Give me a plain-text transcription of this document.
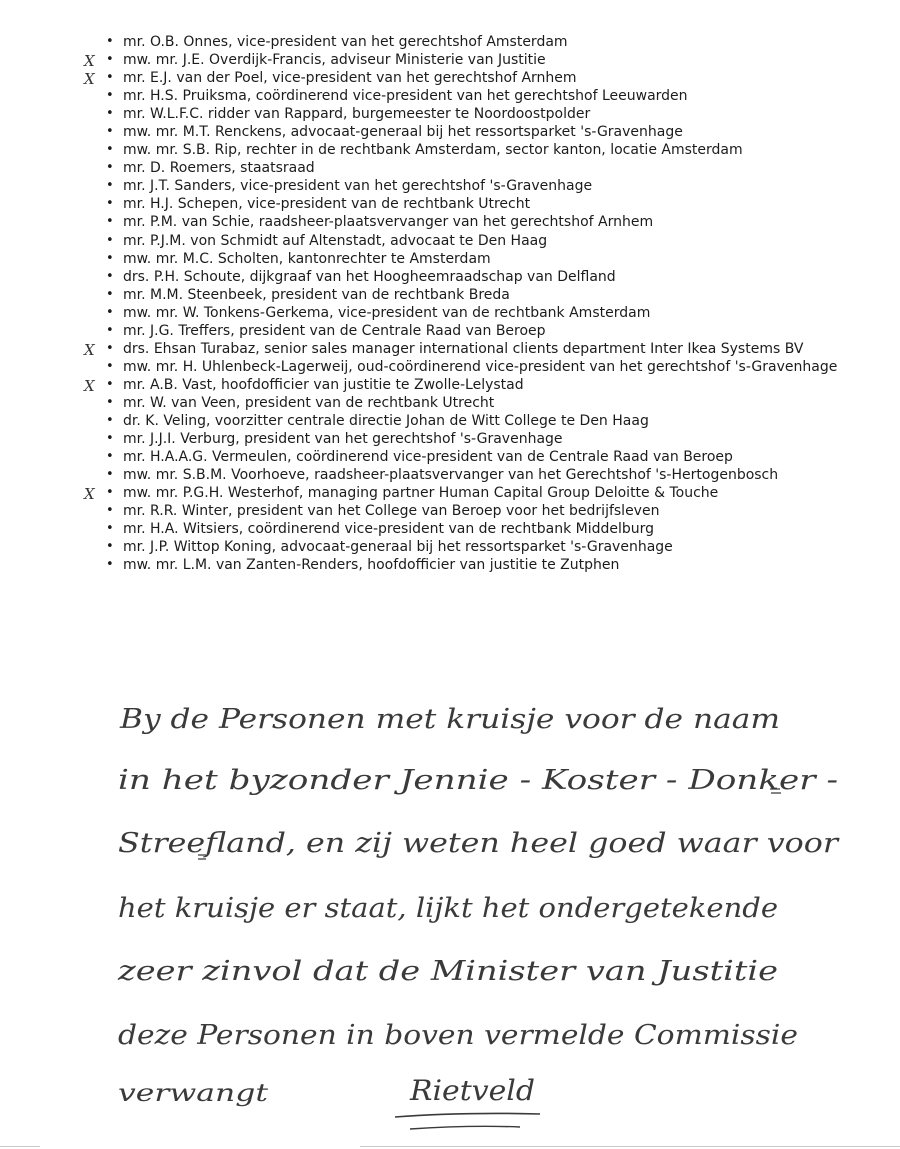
• mr. O.B. Onnes, vice-president van het gerechtshof Amsterdam
X • mw. mr. J.E. Overdijk-Francis, adviseur Ministerie van Justitie
X • mr. E.J. van der Poel, vice-president van het gerechtshof Arnhem
• mr. H.S. Pruiksma, coördinerend vice-president van het gerechtshof Leeuwarden
• mr. W.L.F.C. ridder van Rappard, burgemeester te Noordoostpolder
• mw. mr. M.T. Renckens, advocaat-generaal bij het ressortsparket 's-Gravenhage
• mw. mr. S.B. Rip, rechter in de rechtbank Amsterdam, sector kanton, locatie Amsterdam
• mr. D. Roemers, staatsraad
• mr. J.T. Sanders, vice-president van het gerechtshof 's-Gravenhage
• mr. H.J. Schepen, vice-president van de rechtbank Utrecht
• mr. P.M. van Schie, raadsheer-plaatsvervanger van het gerechtshof Arnhem
• mr. P.J.M. von Schmidt auf Altenstadt, advocaat te Den Haag
• mw. mr. M.C. Scholten, kantonrechter te Amsterdam
• drs. P.H. Schoute, dijkgraaf van het Hoogheemraadschap van Delfland
• mr. M.M. Steenbeek, president van de rechtbank Breda
• mw. mr. W. Tonkens-Gerkema, vice-president van de rechtbank Amsterdam
• mr. J.G. Treffers, president van de Centrale Raad van Beroep
X • drs. Ehsan Turabaz, senior sales manager international clients department Inter Ikea Systems BV
• mw. mr. H. Uhlenbeck-Lagerweij, oud-coördinerend vice-president van het gerechtshof 's-Gravenhage
X • mr. A.B. Vast, hoofdofficier van justitie te Zwolle-Lelystad
• mr. W. van Veen, president van de rechtbank Utrecht
• dr. K. Veling, voorzitter centrale directie Johan de Witt College te Den Haag
• mr. J.J.I. Verburg, president van het gerechtshof 's-Gravenhage
• mr. H.A.A.G. Vermeulen, coördinerend vice-president van de Centrale Raad van Beroep
• mw. mr. S.B.M. Voorhoeve, raadsheer-plaatsvervanger van het Gerechtshof 's-Hertogenbosch
X • mw. mr. P.G.H. Westerhof, managing partner Human Capital Group Deloitte & Touche
• mr. R.R. Winter, president van het College van Beroep voor het bedrijfsleven
• mr. H.A. Witsiers, coördinerend vice-president van de rechtbank Middelburg
• mr. J.P. Wittop Koning, advocaat-generaal bij het ressortsparket 's-Gravenhage
• mw. mr. L.M. van Zanten-Renders, hoofdofficier van justitie te Zutphen
By de Personen met kruisje voor de naam
in het byzonder Jennie - Koster - Donker -
Streefland, en zij weten heel goed waar voor
het kruisje er staat, lijkt het ondergetekende
zeer zinvol dat de Minister van Justitie
deze Personen in boven vermelde Commissie
verwangt	Rietveld
